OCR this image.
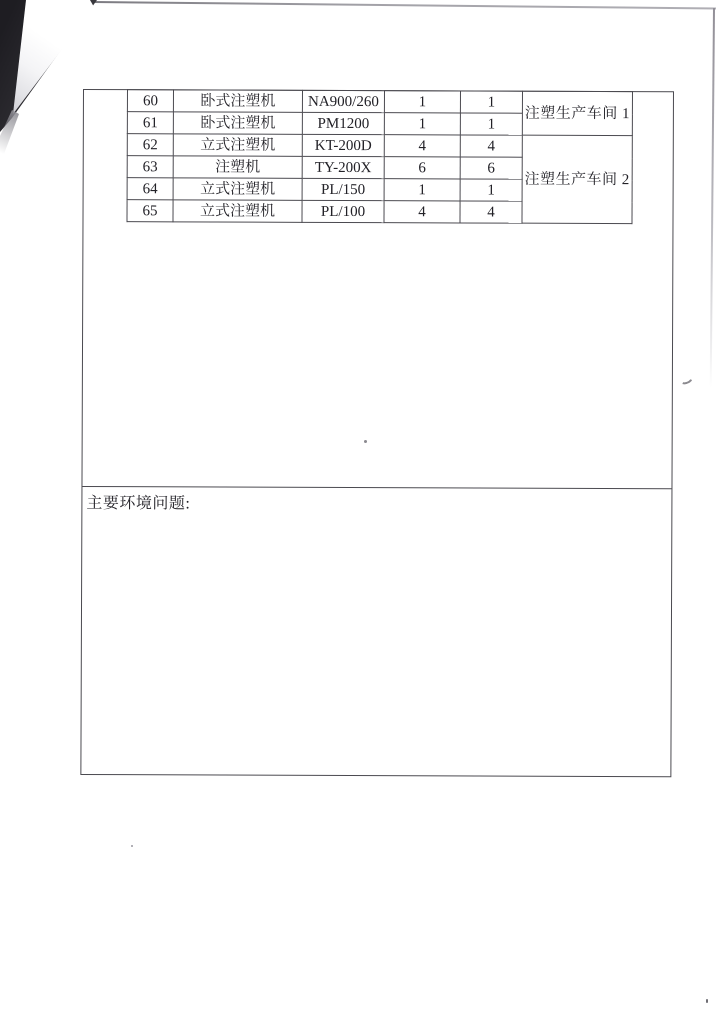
60	卧式注塑机	NA900/260	1	1	注塑生产车间 1
61	卧式注塑机	PM1200	1	1	
62	立式注塑机	KT-200D	4	4	注塑生产车间 2
63	注塑机	TY-200X	6	6	
64	立式注塑机	PL/150	1	1	
65	立式注塑机	PL/100	4	4	
主要环境问题:
